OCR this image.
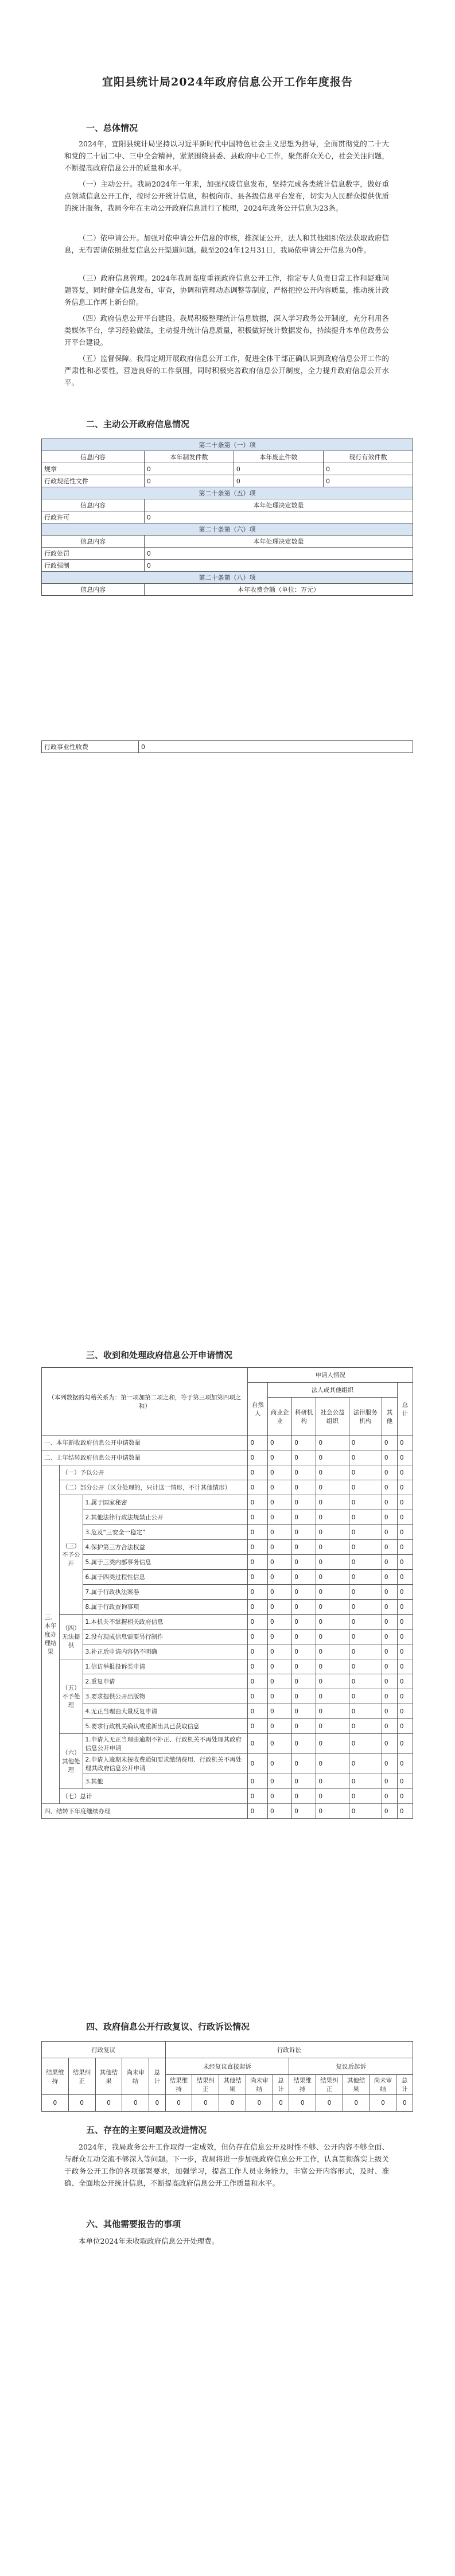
宜阳县统计局2024年政府信息公开工作年度报告
一、总体情况
2024年，宜阳县统计局坚持以习近平新时代中国特色社会主义思想为指导，全面贯彻党的二十大和党的二十届二中、三中全会精神，紧紧围绕县委、县政府中心工作，聚焦群众关心，社会关注问题，不断提高政府信息公开的质量和水平。
（一）主动公开。我局2024年一年来，加强权威信息发布，坚持完成各类统计信息数字，做好重点领域信息公开工作，按时公开统计信息，积极向市、县各级信息平台发布，切实为人民群众提供优质的统计服务，我局今年在主动公开政府信息进行了梳理，2024年政务公开信息为23条。
（二）依申请公开。加强对依申请公开信息的审核，推深证公开，法人和其他组织依法获取政府信息，无有需请依照批复信息公开渠道问题。截至2024年12月31日，我局依申请公开信息为0件。
（三）政府信息管理。2024年我局高度重视政府信息公开工作，指定专人负责日常工作和疑难问题答复，同时健全信息发布，审查，协调和管理动态调整等制度，严格把控公开内容质量，推动统计政务信息工作再上新台阶。
（四）政府信息公开平台建设。我局积极整理统计信息数据，深入学习政务公开制度，充分利用各类媒体平台，学习经验做法，主动提升统计信息质量，积极做好统计数据发布，持续提升本单位政务公开平台建设。
（五）监督保障。我局定期开展政府信息公开工作，促进全体干部正确认识到政府信息公开工作的严肃性和必要性，营造良好的工作氛围，同时积极完善政府信息公开制度，全力提升政府信息公开水平。
二、主动公开政府信息情况
第二十条第（一）项			
信息内容	本年制发件数	本年废止件数	现行有效件数
规章	0	0	0
行政规范性文件	0	0	0
第二十条第（五）项			
信息内容	本年处理决定数量		
行政许可	0		
第二十条第（六）项			
信息内容	本年处理决定数量		
行政处罚	0		
行政强制	0		
第二十条第（八）项			
信息内容	本年收费金额（单位：万元）		
行政事业性收费	0
三、收到和处理政府信息公开申请情况
（本列数据的勾稽关系为：第一项加第二项之和，等于第三项加第四项之和）			申请人情况						
			自然人	法人或其他组织					总计
				商业企业	科研机构	社会公益组织	法律服务机构	其他	
一、本年新收政府信息公开申请数量			0	0	0	0	0	0	0
二、上年结转政府信息公开申请数量			0	0	0	0	0	0	0
三、本年度办理结果	（一）予以公开		0	0	0	0	0	0	0
	（二）部分公开（区分处理的，只计这一情形，不计其他情形）		0	0	0	0	0	0	0
	（三）不予公开	1.属于国家秘密	0	0	0	0	0	0	0
		2.其他法律行政法规禁止公开	0	0	0	0	0	0	0
		3.危及“三安全一稳定”	0	0	0	0	0	0	0
		4.保护第三方合法权益	0	0	0	0	0	0	0
		5.属于三类内部事务信息	0	0	0	0	0	0	0
		6.属于四类过程性信息	0	0	0	0	0	0	0
		7.属于行政执法案卷	0	0	0	0	0	0	0
		8.属于行政查询事项	0	0	0	0	0	0	0
	（四）无法提供	1.本机关不掌握相关政府信息	0	0	0	0	0	0	0
		2.没有现成信息需要另行制作	0	0	0	0	0	0	0
		3.补正后申请内容仍不明确	0	0	0	0	0	0	0
	（五）不予处理	1.信访举报投诉类申请	0	0	0	0	0	0	0
		2.重复申请	0	0	0	0	0	0	0
		3.要求提供公开出版物	0	0	0	0	0	0	0
		4.无正当理由大量反复申请	0	0	0	0	0	0	0
		5.要求行政机关确认或重新出具已获取信息	0	0	0	0	0	0	0
	（六）其他处理	1.申请人无正当理由逾期不补正、行政机关不再处理其政府信息公开申请	0	0	0	0	0	0	0
		2.申请人逾期未按收费通知要求缴纳费用、行政机关不再处理其政府信息公开申请	0	0	0	0	0	0	0
		3.其他	0	0	0	0	0	0	0
	（七）总计		0	0	0	0	0	0	0
四、结转下年度继续办理			0	0	0	0	0	0	0
四、政府信息公开行政复议、行政诉讼情况
行政复议					行政诉讼									
结果维持	结果纠正	其他结果	尚未审结	总计	未经复议直接起诉					复议后起诉				
					结果维持	结果纠正	其他结果	尚未审结	总计	结果维持	结果纠正	其他结果	尚未审结	总计
0	0	0	0	0	0	0	0	0	0	0	0	0	0	0
五、存在的主要问题及改进情况
2024年，我局政务公开工作取得一定成效，但仍存在信息公开及时性不够、公开内容不够全面、与群众互动交流不够深入等问题。下一步，我局将进一步加强政府信息公开工作，认真贯彻落实上级关于政务公开工作的各项部署要求，加强学习，提高工作人员业务能力，丰富公开内容形式，及时、准确、全面地公开统计信息，不断提高政府信息公开工作质量和水平。
六、其他需要报告的事项
本单位2024年未收取政府信息公开处理费。
